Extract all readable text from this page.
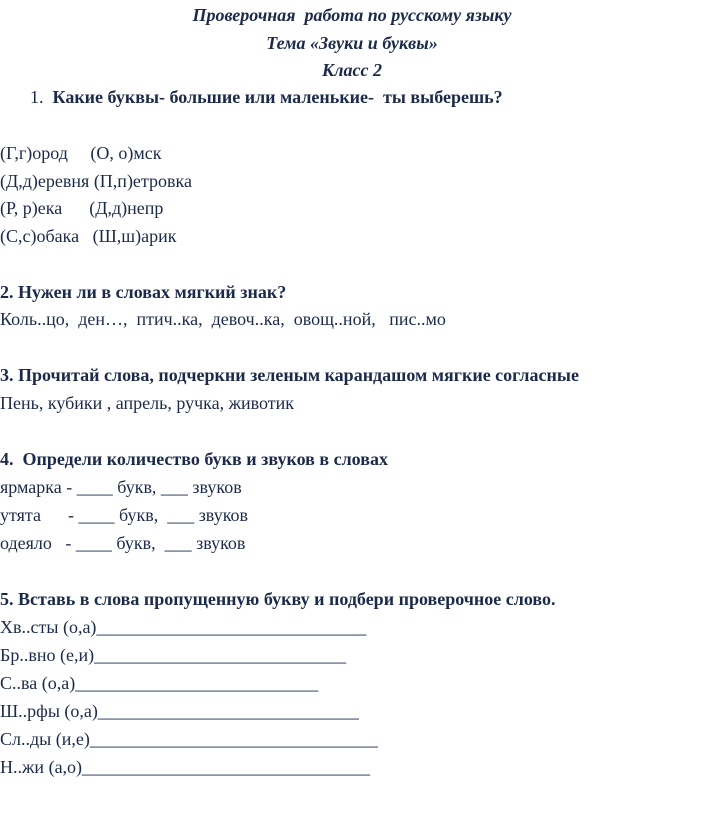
Проверочная  работа по русскому языку
Тема «Звуки и буквы»
Класс 2
1. Какие буквы- большие или маленькие-  ты выберешь?
(Г,г)ород     (О, о)мск
(Д,д)еревня (П,п)етровка
(Р, р)ека      (Д,д)непр
(С,с)обака   (Ш,ш)арик
2. Нужен ли в словах мягкий знак?
Коль..цо,  ден…,  птич..ка,  девоч..ка,  овощ..ной,   пис..мо
3. Прочитай слова, подчеркни зеленым карандашом мягкие согласные
Пень, кубики , апрель, ручка, животик
4.  Определи количество букв и звуков в словах
ярмарка - ____ букв, ___ звуков
утята      - ____ букв,  ___ звуков
одеяло   - ____ букв,  ___ звуков
5. Вставь в слова пропущенную букву и подбери проверочное слово.
Хв..сты (о,а)______________________________
Бр..вно (е,и)____________________________
С..ва (о,а)___________________________
Ш..рфы (о,а)_____________________________
Сл..ды (и,е)________________________________
Н..жи (а,о)________________________________
